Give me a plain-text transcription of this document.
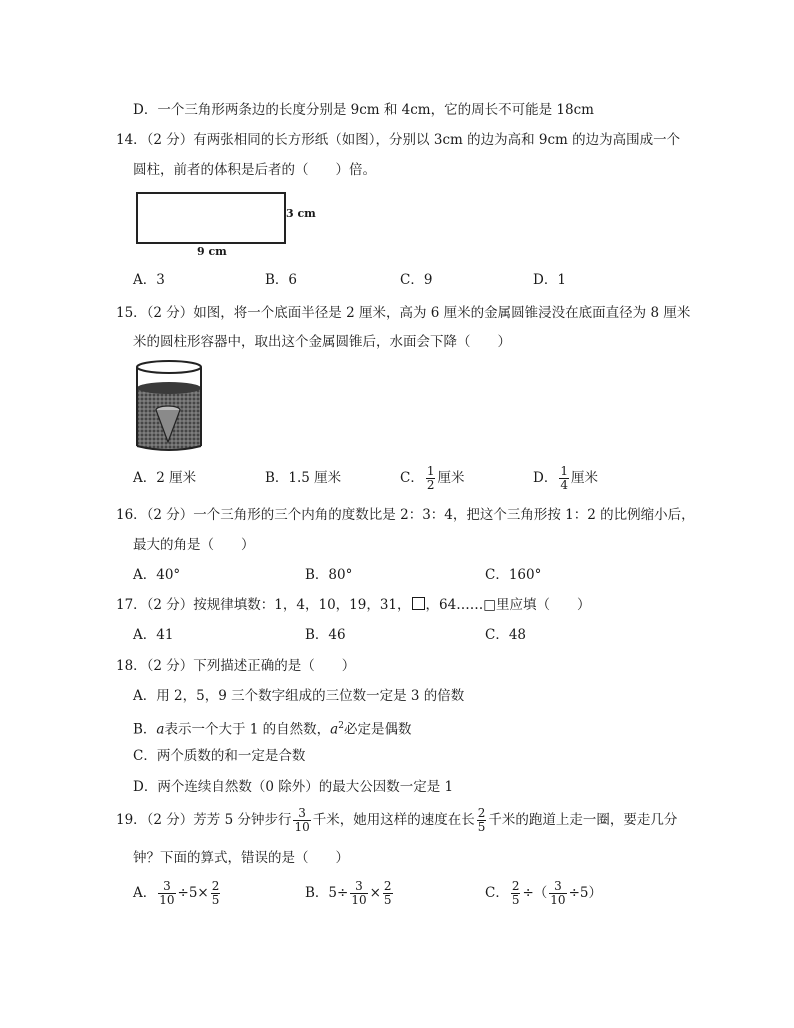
D．一个三角形两条边的长度分别是 9cm 和 4cm，它的周长不可能是 18cm
14．（2 分）有两张相同的长方形纸（如图），分别以 3cm 的边为高和 9cm 的边为高围成一个
圆柱，前者的体积是后者的（　　）倍。
3 cm
9 cm
A．3	B．6	C．9	D．1
15．（2 分）如图，将一个底面半径是 2 厘米，高为 6 厘米的金属圆锥浸没在底面直径为 8 厘米
米的圆柱形容器中，取出这个金属圆锥后，水面会下降（　　）
A．2 厘米	B．1.5 厘米	C． $\frac{1}{2}$ 厘米	D． $\frac{1}{4}$ 厘米
16．（2 分）一个三角形的三个内角的度数比是 2：3：4，把这个三角形按 1：2 的比例缩小后，
最大的角是（　　）
A．40°	B．80°	C．160°
17．（2 分）按规律填数：1，4，10，19，31， ，64……□里应填（　　）
A．41	B．46	C．48
18．（2 分）下列描述正确的是（　　）
A．用 2，5，9 三个数字组成的三位数一定是 3 的倍数
B．a表示一个大于 1 的自然数，$a^2$必定是偶数
C．两个质数的和一定是合数
D．两个连续自然数（0 除外）的最大公因数一定是 1
19．（2 分）芳芳 5 分钟步行 $\frac{3}{10}$ 千米，她用这样的速度在长 $\frac{2}{5}$ 千米的跑道上走一圈，要走几分
钟？下面的算式，错误的是（　　）
A． $\frac{3}{10} \div 5\times \frac{2}{5}$	B．$5\div \frac{3}{10} \times \frac{2}{5}$	C． $\frac{2}{5}$ ÷（ $\frac{3}{10} \div 5$）
